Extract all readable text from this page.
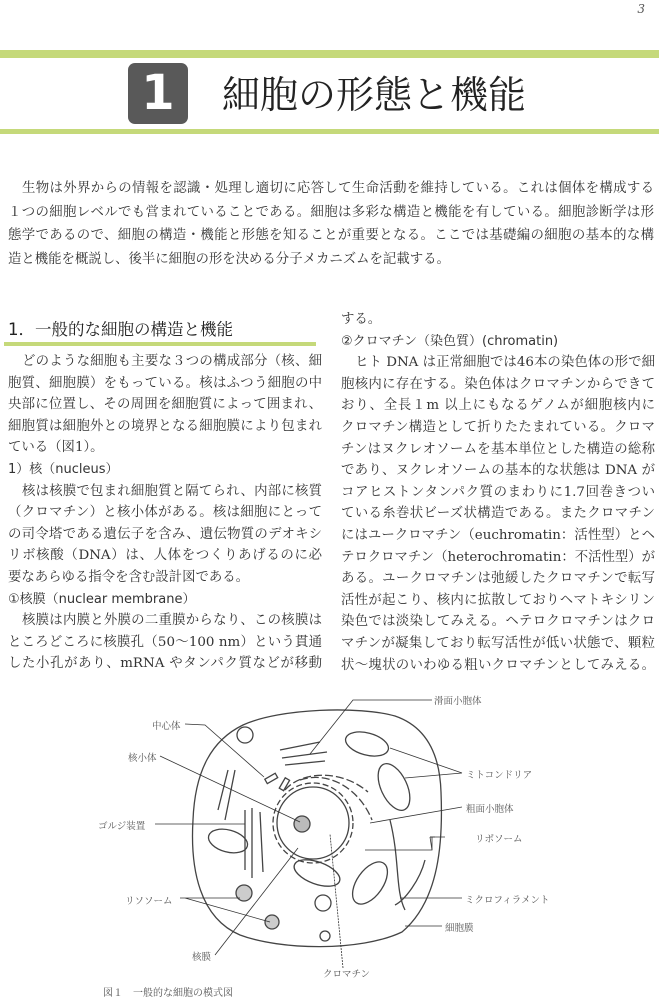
3
1	細胞の形態と機能
生物は外界からの情報を認識・処理し適切に応答して生命活動を維持している。これは個体を構成する
１つの細胞レベルでも営まれていることである。細胞は多彩な構造と機能を有している。細胞診断学は形
態学であるので、細胞の構造・機能と形態を知ることが重要となる。ここでは基礎編の細胞の基本的な構
造と機能を概説し、後半に細胞の形を決める分子メカニズムを記載する。
1．一般的な細胞の構造と機能
どのような細胞も主要な３つの構成部分（核、細
胞質、細胞膜）をもっている。核はふつう細胞の中
央部に位置し、その周囲を細胞質によって囲まれ、
細胞質は細胞外との境界となる細胞膜により包まれ
ている（図1）。
1）核（nucleus）
核は核膜で包まれ細胞質と隔てられ、内部に核質
（クロマチン）と核小体がある。核は細胞にとって
の司令塔である遺伝子を含み、遺伝物質のデオキシ
リボ核酸（DNA）は、人体をつくりあげるのに必
要なあらゆる指令を含む設計図である。
①核膜（nuclear membrane）
核膜は内膜と外膜の二重膜からなり、この核膜は
ところどころに核膜孔（50～100 nm）という貫通
した小孔があり、mRNA やタンパク質などが移動
する。
②クロマチン（染色質）(chromatin)
ヒト DNA は正常細胞では46本の染色体の形で細
胞核内に存在する。染色体はクロマチンからできて
おり、全長１m 以上にもなるゲノムが細胞核内に
クロマチン構造として折りたたまれている。クロマ
チンはヌクレオソームを基本単位とした構造の総称
であり、ヌクレオソームの基本的な状態は DNA が
コアヒストンタンパク質のまわりに1.7回巻きつい
ている糸巻状ビーズ状構造である。またクロマチン
にはユークロマチン（euchromatin：活性型）とヘ
テロクロマチン（heterochromatin：不活性型）が
ある。ユークロマチンは弛緩したクロマチンで転写
活性が起こり、核内に拡散しておりヘマトキシリン
染色では淡染してみえる。ヘテロクロマチンはクロ
マチンが凝集しており転写活性が低い状態で、顆粒
状～塊状のいわゆる粗いクロマチンとしてみえる。
滑面小胞体
中心体
核小体
ミトコンドリア
粗面小胞体
ゴルジ装置
リボソーム
リソソーム	ミクロフィラメント
細胞膜
核膜
クロマチン
図１　一般的な細胞の模式図
